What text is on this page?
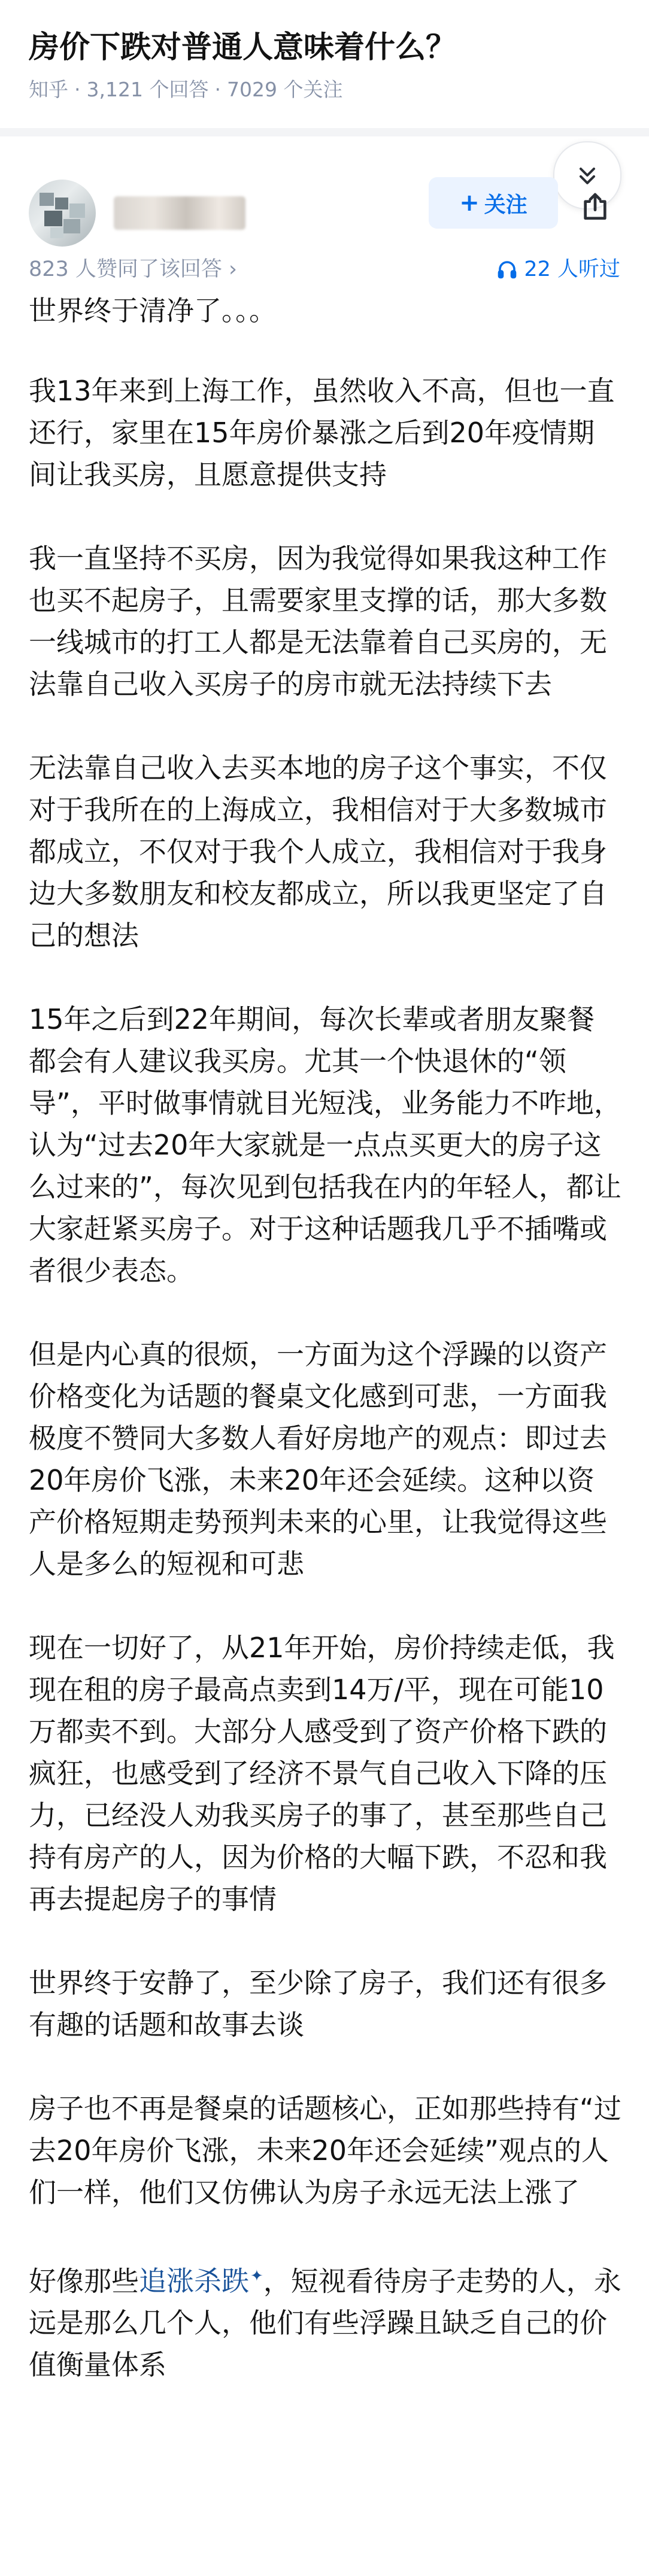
房价下跌对普通人意味着什么？
知乎 · 3,121 个回答 · 7029 个关注
+ 关注
823 人赞同了该回答 ›	22 人听过

世界终于清净了。。。

我13年来到上海工作，虽然收入不高，但也一直还行，家里在15年房价暴涨之后到20年疫情期间让我买房，且愿意提供支持

我一直坚持不买房，因为我觉得如果我这种工作也买不起房子，且需要家里支撑的话，那大多数一线城市的打工人都是无法靠着自己买房的，无法靠自己收入买房子的房市就无法持续下去

无法靠自己收入去买本地的房子这个事实，不仅对于我所在的上海成立，我相信对于大多数城市都成立，不仅对于我个人成立，我相信对于我身边大多数朋友和校友都成立，所以我更坚定了自己的想法

15年之后到22年期间，每次长辈或者朋友聚餐都会有人建议我买房。尤其一个快退休的“领导”，平时做事情就目光短浅，业务能力不咋地，认为“过去20年大家就是一点点买更大的房子这么过来的”，每次见到包括我在内的年轻人，都让大家赶紧买房子。对于这种话题我几乎不插嘴或者很少表态。

但是内心真的很烦，一方面为这个浮躁的以资产价格变化为话题的餐桌文化感到可悲，一方面我极度不赞同大多数人看好房地产的观点：即过去20年房价飞涨，未来20年还会延续。这种以资产价格短期走势预判未来的心里，让我觉得这些人是多么的短视和可悲

现在一切好了，从21年开始，房价持续走低，我现在租的房子最高点卖到14万/平，现在可能10万都卖不到。大部分人感受到了资产价格下跌的疯狂，也感受到了经济不景气自己收入下降的压力，已经没人劝我买房子的事了，甚至那些自己持有房产的人，因为价格的大幅下跌，不忍和我再去提起房子的事情

世界终于安静了，至少除了房子，我们还有很多有趣的话题和故事去谈

房子也不再是餐桌的话题核心，正如那些持有“过去20年房价飞涨，未来20年还会延续”观点的人们一样，他们又仿佛认为房子永远无法上涨了

好像那些追涨杀跌✦，短视看待房子走势的人，永远是那么几个人，他们有些浮躁且缺乏自己的价值衡量体系
